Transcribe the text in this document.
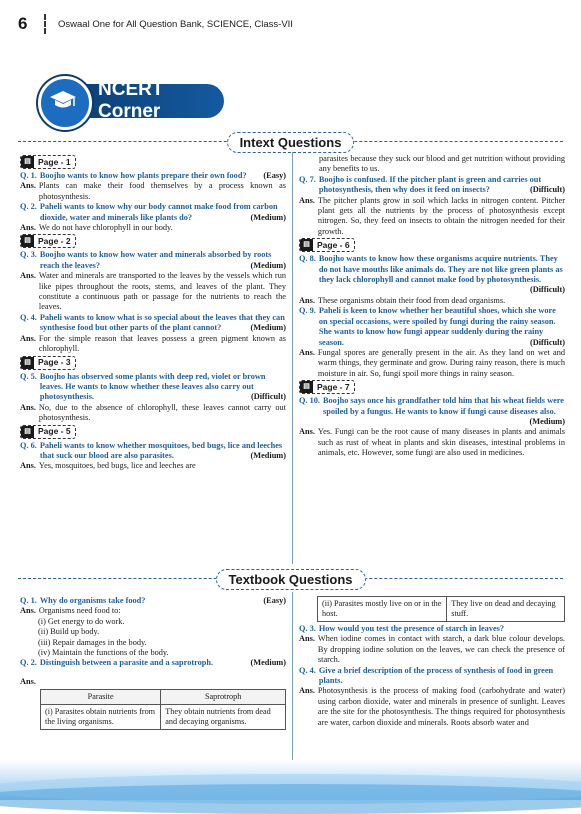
6	Oswaal One for All Question Bank, SCIENCE, Class-VII
NCERT Corner
Intext Questions
▤ Page - 1
Q. 1. Boojho wants to know how plants prepare their own food? (Easy)
Ans. Plants can make their food themselves by a process known as photosynthesis.
Q. 2. Paheli wants to know why our body cannot make food from carbon dioxide, water and minerals like plants do?	(Medium)
Ans. We do not have chlorophyll in our body.
▤ Page - 2
Q. 3. Boojho wants to know how water and minerals absorbed by roots reach the leaves?	(Medium)
Ans. Water and minerals are transported to the leaves by the vessels which run like pipes throughout the roots, stems, and leaves of the plant. They constitute a continuous path or passage for the nutrients to reach the leaves.
Q. 4. Paheli wants to know what is so special about the leaves that they can synthesise food but other parts of the plant cannot?	(Medium)
Ans. For the simple reason that leaves possess a green pigment known as chlorophyll.
▤ Page - 3
Q. 5. Boojho has observed some plants with deep red, violet or brown leaves. He wants to know whether these leaves also carry out photosynthesis.	(Difficult)
Ans. No, due to the absence of chlorophyll, these leaves cannot carry out photosynthesis.
▤ Page - 5
Q. 6. Paheli wants to know whether mosquitoes, bed bugs, lice and leeches that suck our blood are also parasites.	(Medium)
Ans. Yes, mosquitoes, bed bugs, lice and leeches are
parasites because they suck our blood and get nutrition without providing any benefits to us.
Q. 7. Boojho is confused. If the pitcher plant is green and carries out photosynthesis, then why does it feed on insects?	(Difficult)
Ans. The pitcher plants grow in soil which lacks in nitrogen content. Pitcher plant gets all the nutrients by the process of photosynthesis except nitrogen. So, they feed on insects to obtain the nitrogen needed for their growth.
▤ Page - 6
Q. 8. Boojho wants to know how these organisms acquire nutrients. They do not have mouths like animals do. They are not like green plants as they lack chlorophyll and cannot make food by photosynthesis.
(Difficult)
Ans. These organisms obtain their food from dead organisms.
Q. 9. Paheli is keen to know whether her beautiful shoes, which she wore on special occasions, were spoiled by fungi during the rainy season. She wants to know how fungi appear suddenly during the rainy season.	(Difficult)
Ans. Fungal spores are generally present in the air. As they land on wet and warm things, they germinate and grow. During rainy reason, there is much moisture in air. So, fungi spoil more things in rainy season.
▤ Page - 7
Q. 10. Boojho says once his grandfather told him that his wheat fields were spoiled by a fungus. He wants to know if fungi cause diseases also.
(Medium)
Ans. Yes. Fungi can be the root cause of many diseases in plants and animals such as rust of wheat in plants and skin diseases, intestinal problems in animals, etc. However, some fungi are also used in medicines.
Textbook Questions
Q. 1. Why do organisms take food?	(Easy)
Ans. Organisms need food to:
(i) Get energy to do work.
(ii) Build up body.
(iii) Repair damages in the body.
(iv) Maintain the functions of the body.
Q. 2. Distinguish between a parasite and a saprotroph.	(Medium)
Ans.
Parasite	Saprotroph
(i) Parasites obtain nutrients from the living organisms.	They obtain nutrients from dead and decaying organisms.
(ii) Parasites mostly live on or in the host.	They live on dead and decaying stuff.
Q. 3. How would you test the presence of starch in leaves?
Ans. When iodine comes in contact with starch, a dark blue colour develops. By dropping iodine solution on the leaves, we can check the presence of starch.
Q. 4. Give a brief description of the process of synthesis of food in green plants.
Ans. Photosynthesis is the process of making food (carbohydrate and water) using carbon dioxide, water and minerals in presence of sunlight. Leaves are the site for the photosynthesis. The things required for photosynthesis are water, carbon dioxide and minerals. Roots absorb water and
